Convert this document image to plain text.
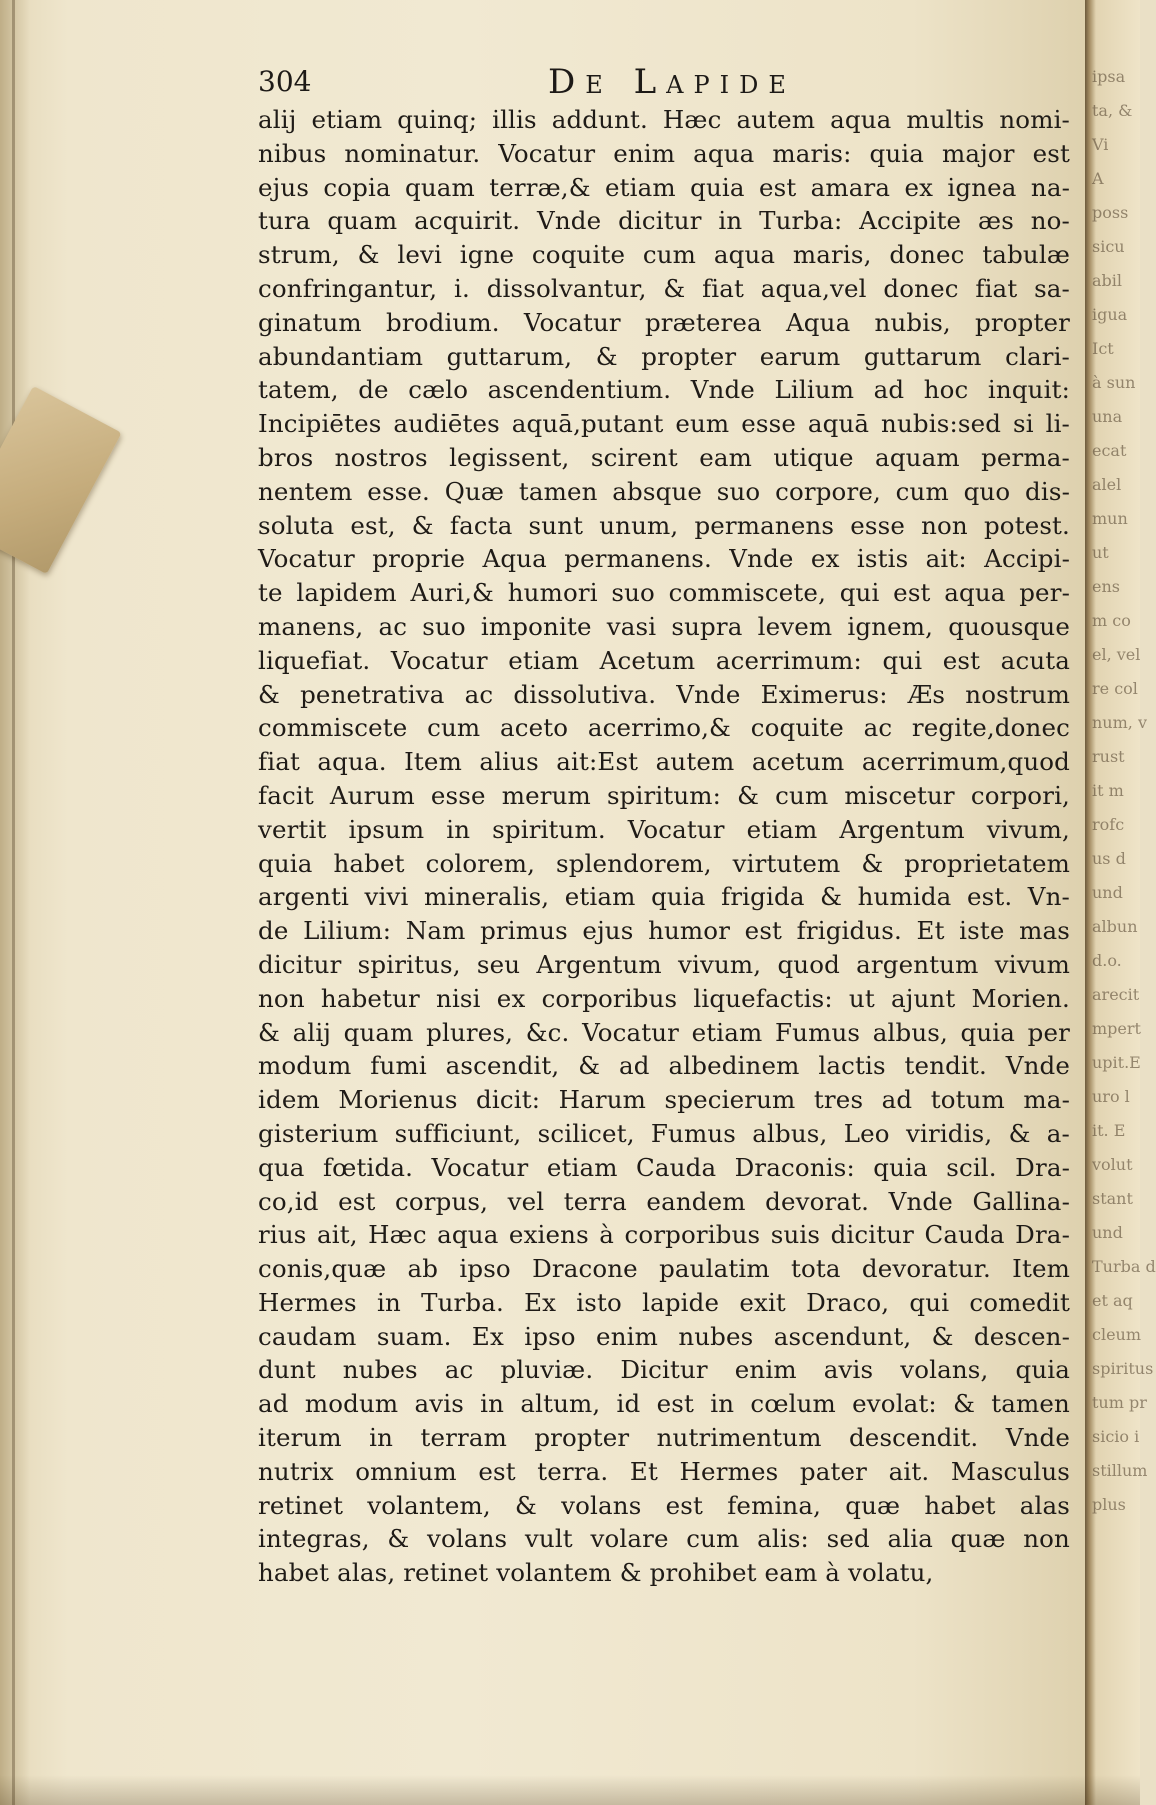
304	De Lapide
alij etiam quinq; illis addunt. Hæc autem aqua multis nomi-
nibus nominatur. Vocatur enim aqua maris: quia major est
ejus copia quam terræ,& etiam quia est amara ex ignea na-
tura quam acquirit. Vnde dicitur in Turba: Accipite æs no-
strum, & levi igne coquite cum aqua maris, donec tabulæ
confringantur, i. dissolvantur, & fiat aqua,vel donec fiat sa-
ginatum brodium. Vocatur præterea Aqua nubis, propter
abundantiam guttarum, & propter earum guttarum clari-
tatem, de cælo ascendentium. Vnde Lilium ad hoc inquit:
Incipiētes audiētes aquā,putant eum esse aquā nubis:sed si li-
bros nostros legissent, scirent eam utique aquam perma-
nentem esse. Quæ tamen absque suo corpore, cum quo dis-
soluta est, & facta sunt unum, permanens esse non potest.
Vocatur proprie Aqua permanens. Vnde ex istis ait: Accipi-
te lapidem Auri,& humori suo commiscete, qui est aqua per-
manens, ac suo imponite vasi supra levem ignem, quousque
liquefiat. Vocatur etiam Acetum acerrimum: qui est acuta
& penetrativa ac dissolutiva. Vnde Eximerus: Æs nostrum
commiscete cum aceto acerrimo,& coquite ac regite,donec
fiat aqua. Item alius ait:Est autem acetum acerrimum,quod
facit Aurum esse merum spiritum: & cum miscetur corpori,
vertit ipsum in spiritum. Vocatur etiam Argentum vivum,
quia habet colorem, splendorem, virtutem & proprietatem
argenti vivi mineralis, etiam quia frigida & humida est. Vn-
de Lilium: Nam primus ejus humor est frigidus. Et iste mas
dicitur spiritus, seu Argentum vivum, quod argentum vivum
non habetur nisi ex corporibus liquefactis: ut ajunt Morien.
& alij quam plures, &c. Vocatur etiam Fumus albus, quia per
modum fumi ascendit, & ad albedinem lactis tendit. Vnde
idem Morienus dicit: Harum specierum tres ad totum ma-
gisterium sufficiunt, scilicet, Fumus albus, Leo viridis, & a-
qua fœtida. Vocatur etiam Cauda Draconis: quia scil. Dra-
co,id est corpus, vel terra eandem devorat. Vnde Gallina-
rius ait, Hæc aqua exiens à corporibus suis dicitur Cauda Dra-
conis,quæ ab ipso Dracone paulatim tota devoratur. Item
Hermes in Turba. Ex isto lapide exit Draco, qui comedit
caudam suam. Ex ipso enim nubes ascendunt, & descen-
dunt nubes ac pluviæ. Dicitur enim avis volans, quia
ad modum avis in altum, id est in cœlum evolat: & tamen
iterum in terram propter nutrimentum descendit. Vnde
nutrix omnium est terra. Et Hermes pater ait. Masculus
retinet volantem, & volans est femina, quæ habet alas
integras, & volans vult volare cum alis: sed alia quæ non
habet alas, retinet volantem & prohibet eam à volatu,
ipsa
ta, &
Vi
A
poss
sicu
abil
igua
Ict
à sun
una
ecat
alel
mun
ut
ens
m co
el, vel
re col
num, v
rust
it m
rofc
us d
und
albun
d.o.
arecit
mpert
upit.E
uro l
it. E
volut
stant
und
Turba d
et aq
cleum
spiritus
tum pr
sicio i
stillum
plus
